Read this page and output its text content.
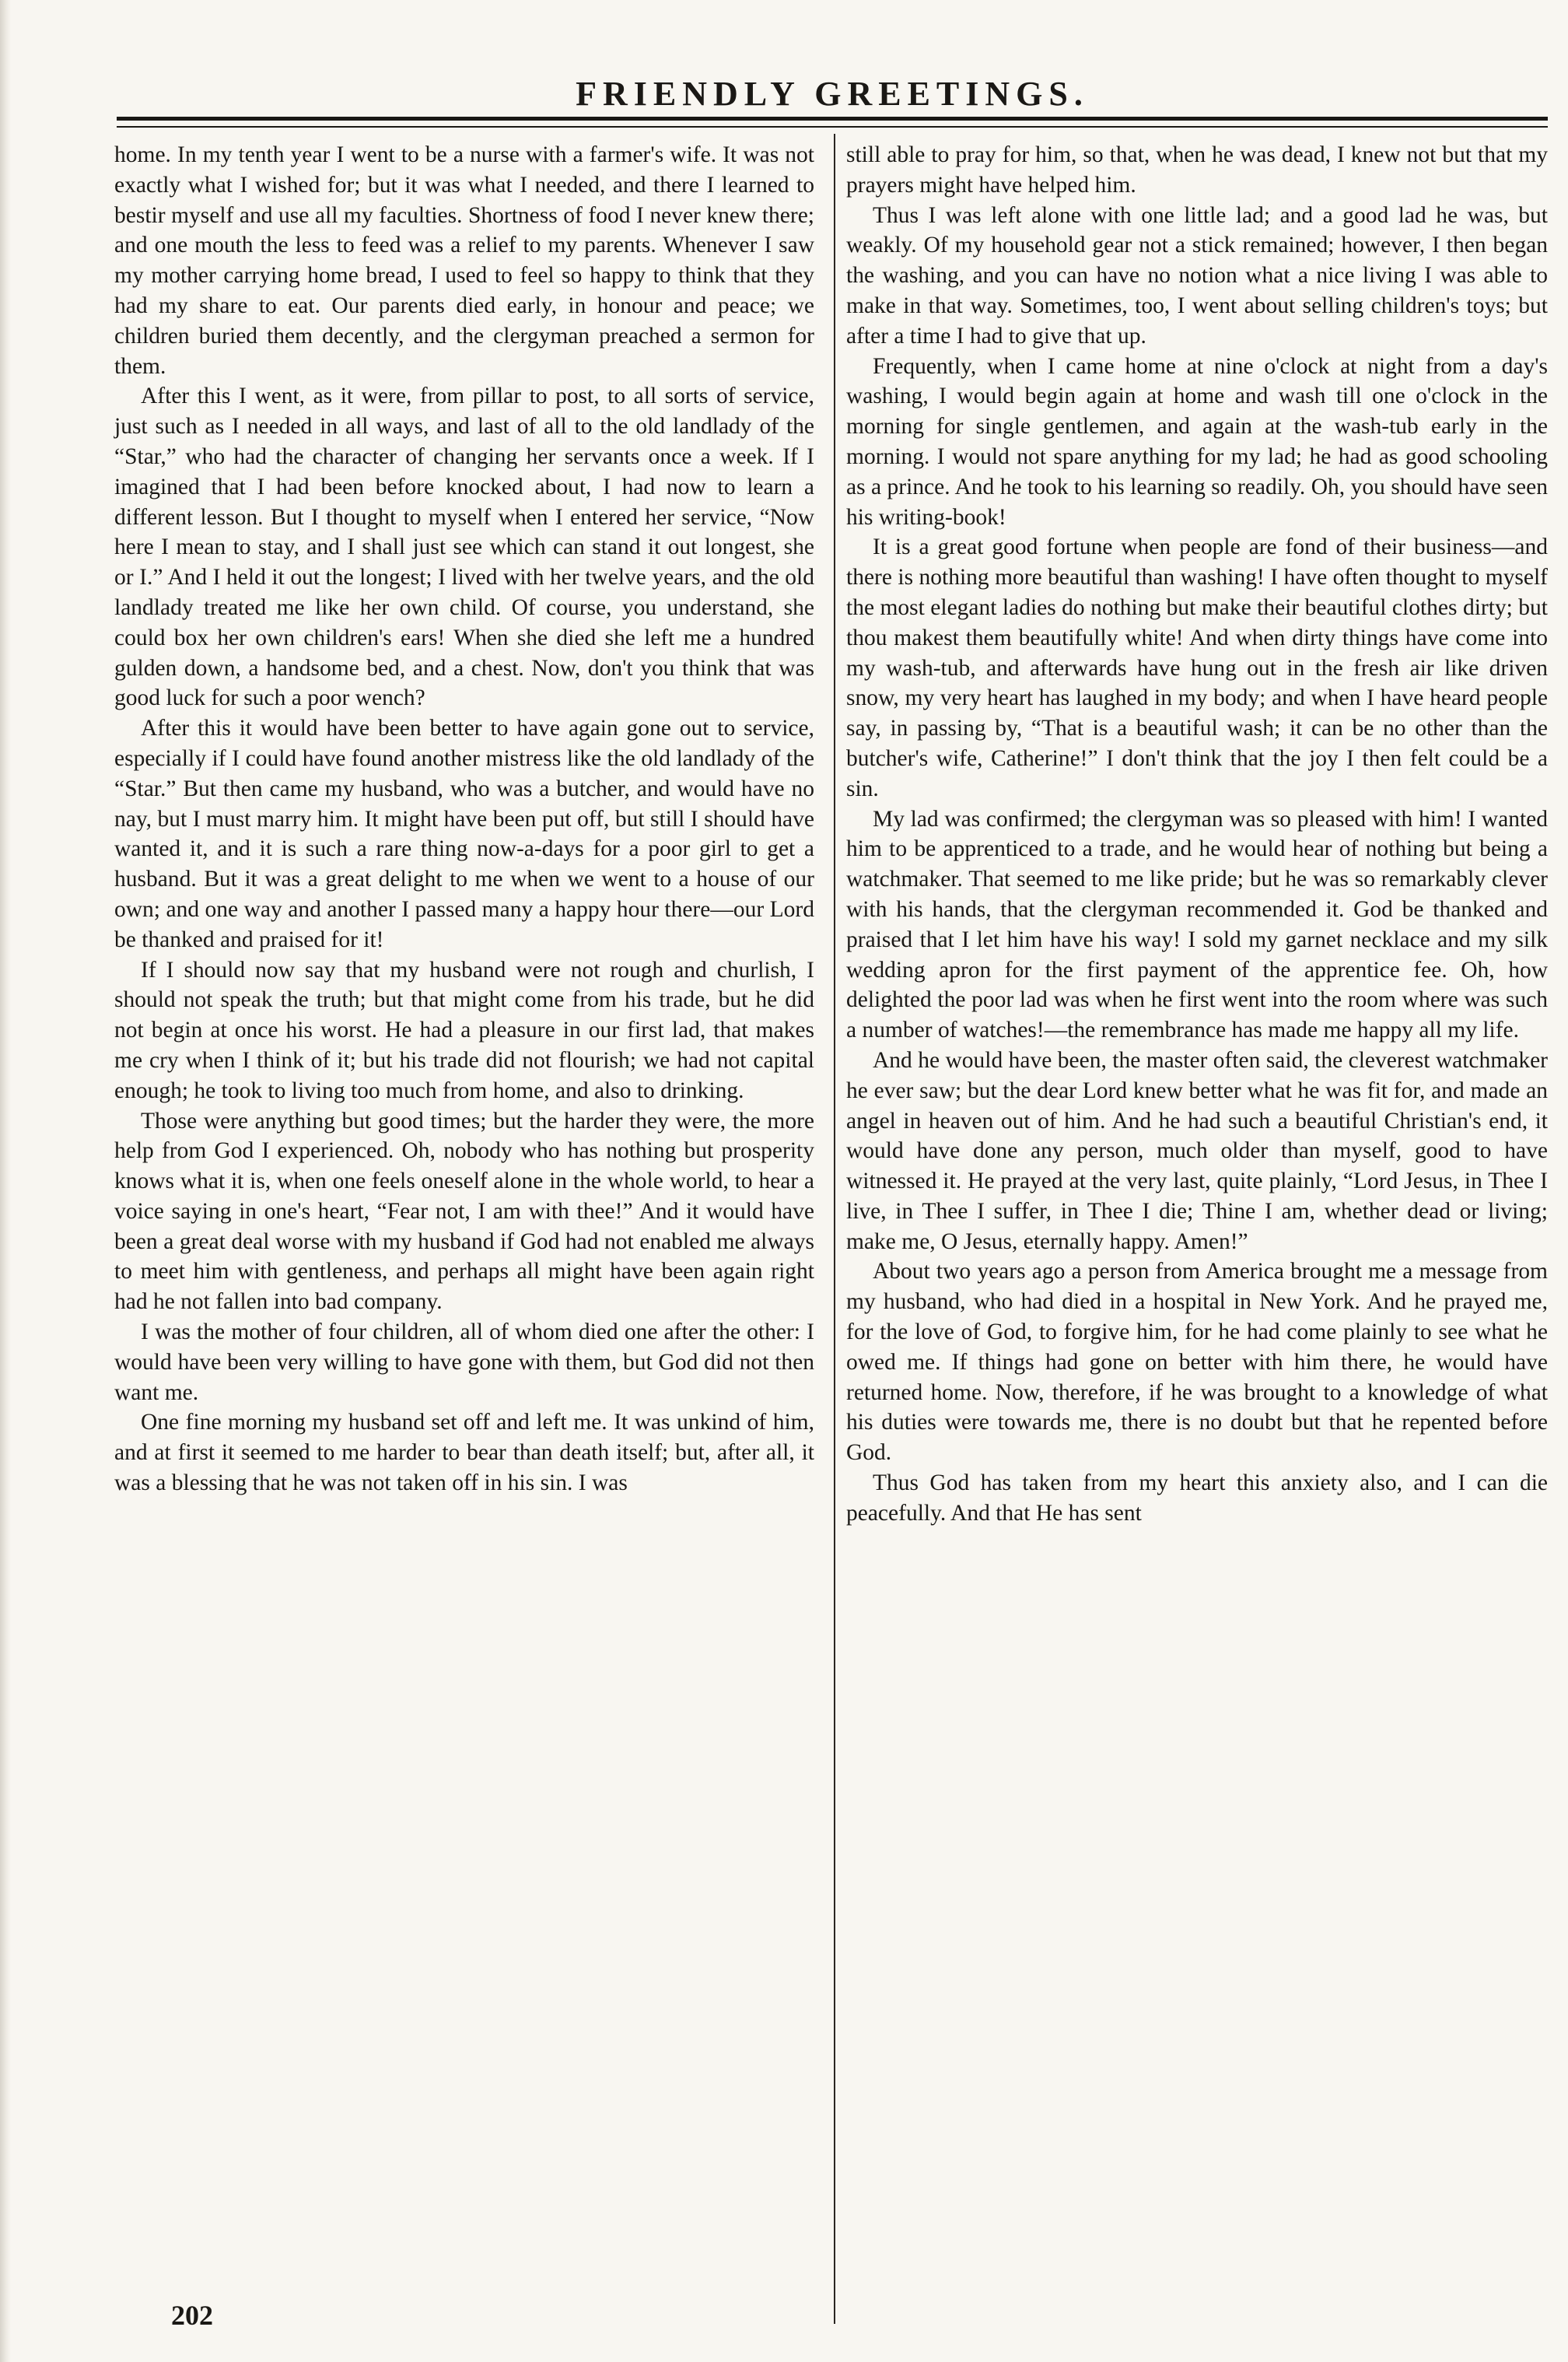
FRIENDLY GREETINGS.

home. In my tenth year I went to be a nurse with a farmer's wife. It was not exactly what I wished for; but it was what I needed, and there I learned to bestir myself and use all my faculties. Shortness of food I never knew there; and one mouth the less to feed was a relief to my parents. Whenever I saw my mother carrying home bread, I used to feel so happy to think that they had my share to eat. Our parents died early, in honour and peace; we children buried them decently, and the clergyman preached a sermon for them.

After this I went, as it were, from pillar to post, to all sorts of service, just such as I needed in all ways, and last of all to the old landlady of the “Star,” who had the character of changing her servants once a week. If I imagined that I had been before knocked about, I had now to learn a different lesson. But I thought to myself when I entered her service, “Now here I mean to stay, and I shall just see which can stand it out longest, she or I.” And I held it out the longest; I lived with her twelve years, and the old landlady treated me like her own child. Of course, you understand, she could box her own children's ears! When she died she left me a hundred gulden down, a handsome bed, and a chest. Now, don't you think that was good luck for such a poor wench?

After this it would have been better to have again gone out to service, especially if I could have found another mistress like the old landlady of the “Star.” But then came my husband, who was a butcher, and would have no nay, but I must marry him. It might have been put off, but still I should have wanted it, and it is such a rare thing now-a-days for a poor girl to get a husband. But it was a great delight to me when we went to a house of our own; and one way and another I passed many a happy hour there—our Lord be thanked and praised for it!

If I should now say that my husband were not rough and churlish, I should not speak the truth; but that might come from his trade, but he did not begin at once his worst. He had a pleasure in our first lad, that makes me cry when I think of it; but his trade did not flourish; we had not capital enough; he took to living too much from home, and also to drinking.

Those were anything but good times; but the harder they were, the more help from God I experienced. Oh, nobody who has nothing but prosperity knows what it is, when one feels oneself alone in the whole world, to hear a voice saying in one's heart, “Fear not, I am with thee!” And it would have been a great deal worse with my husband if God had not enabled me always to meet him with gentleness, and perhaps all might have been again right had he not fallen into bad company.

I was the mother of four children, all of whom died one after the other: I would have been very willing to have gone with them, but God did not then want me.

One fine morning my husband set off and left me. It was unkind of him, and at first it seemed to me harder to bear than death itself; but, after all, it was a blessing that he was not taken off in his sin. I was

still able to pray for him, so that, when he was dead, I knew not but that my prayers might have helped him.

Thus I was left alone with one little lad; and a good lad he was, but weakly. Of my household gear not a stick remained; however, I then began the washing, and you can have no notion what a nice living I was able to make in that way. Sometimes, too, I went about selling children's toys; but after a time I had to give that up.

Frequently, when I came home at nine o'clock at night from a day's washing, I would begin again at home and wash till one o'clock in the morning for single gentlemen, and again at the wash-tub early in the morning. I would not spare anything for my lad; he had as good schooling as a prince. And he took to his learning so readily. Oh, you should have seen his writing-book!

It is a great good fortune when people are fond of their business—and there is nothing more beautiful than washing! I have often thought to myself the most elegant ladies do nothing but make their beautiful clothes dirty; but thou makest them beautifully white! And when dirty things have come into my wash-tub, and afterwards have hung out in the fresh air like driven snow, my very heart has laughed in my body; and when I have heard people say, in passing by, “That is a beautiful wash; it can be no other than the butcher's wife, Catherine!” I don't think that the joy I then felt could be a sin.

My lad was confirmed; the clergyman was so pleased with him! I wanted him to be apprenticed to a trade, and he would hear of nothing but being a watchmaker. That seemed to me like pride; but he was so remarkably clever with his hands, that the clergyman recommended it. God be thanked and praised that I let him have his way! I sold my garnet necklace and my silk wedding apron for the first payment of the apprentice fee. Oh, how delighted the poor lad was when he first went into the room where was such a number of watches!—the remembrance has made me happy all my life.

And he would have been, the master often said, the cleverest watchmaker he ever saw; but the dear Lord knew better what he was fit for, and made an angel in heaven out of him. And he had such a beautiful Christian's end, it would have done any person, much older than myself, good to have witnessed it. He prayed at the very last, quite plainly, “Lord Jesus, in Thee I live, in Thee I suffer, in Thee I die; Thine I am, whether dead or living; make me, O Jesus, eternally happy. Amen!”

About two years ago a person from America brought me a message from my husband, who had died in a hospital in New York. And he prayed me, for the love of God, to forgive him, for he had come plainly to see what he owed me. If things had gone on better with him there, he would have returned home. Now, therefore, if he was brought to a knowledge of what his duties were towards me, there is no doubt but that he repented before God.

Thus God has taken from my heart this anxiety also, and I can die peacefully. And that He has sent

202
